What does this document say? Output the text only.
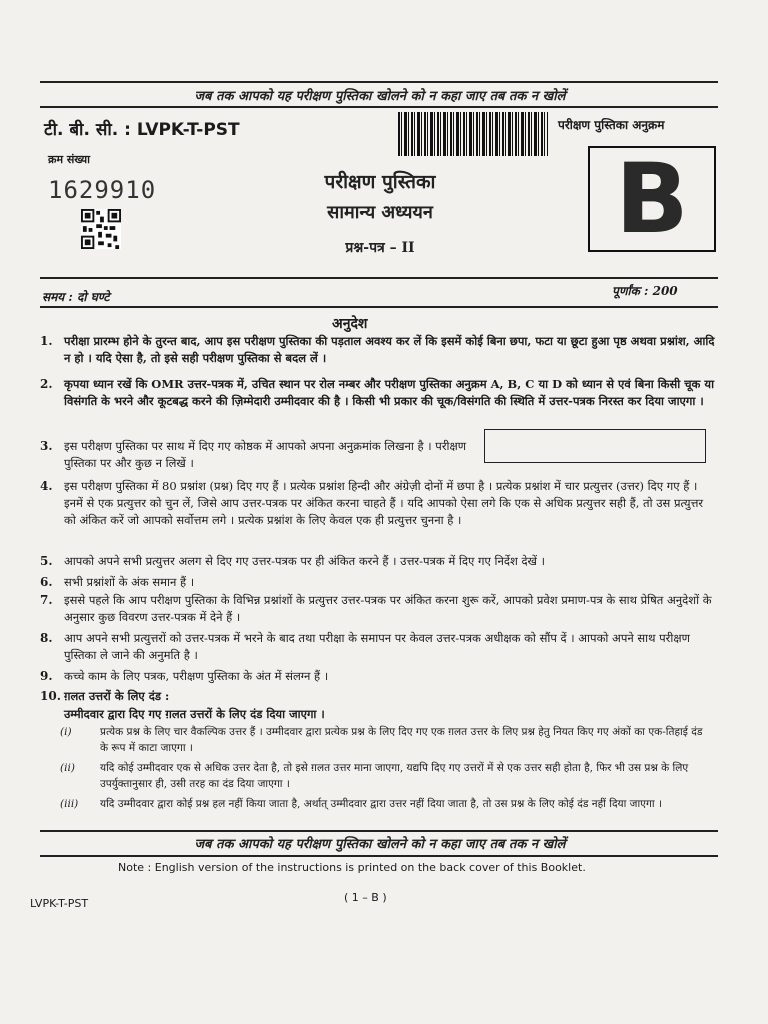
जब तक आपको यह परीक्षण पुस्तिका खोलने को न कहा जाए तब तक न खोलें
टी. बी. सी. : LVPK-T-PST
क्रम संख्या
1629910
परीक्षण पुस्तिका अनुक्रम
B
परीक्षण पुस्तिका
सामान्य अध्ययन
प्रश्न-पत्र – II
समय : दो घण्टे	पूर्णांक : 200
अनुदेश
1. परीक्षा प्रारम्भ होने के तुरन्त बाद, आप इस परीक्षण पुस्तिका की पड़ताल अवश्य कर लें कि इसमें कोई बिना छपा, फटा या छूटा हुआ पृष्ठ अथवा प्रश्नांश, आदि न हो । यदि ऐसा है, तो इसे सही परीक्षण पुस्तिका से बदल लें ।
2. कृपया ध्यान रखें कि OMR उत्तर-पत्रक में, उचित स्थान पर रोल नम्बर और परीक्षण पुस्तिका अनुक्रम A, B, C या D को ध्यान से एवं बिना किसी चूक या विसंगति के भरने और कूटबद्ध करने की ज़िम्मेदारी उम्मीदवार की है । किसी भी प्रकार की चूक/विसंगति की स्थिति में उत्तर-पत्रक निरस्त कर दिया जाएगा ।
3. इस परीक्षण पुस्तिका पर साथ में दिए गए कोष्ठक में आपको अपना अनुक्रमांक लिखना है । परीक्षण पुस्तिका पर और कुछ न लिखें ।
4. इस परीक्षण पुस्तिका में 80 प्रश्नांश (प्रश्न) दिए गए हैं । प्रत्येक प्रश्नांश हिन्दी और अंग्रेज़ी दोनों में छपा है । प्रत्येक प्रश्नांश में चार प्रत्युत्तर (उत्तर) दिए गए हैं । इनमें से एक प्रत्युत्तर को चुन लें, जिसे आप उत्तर-पत्रक पर अंकित करना चाहते हैं । यदि आपको ऐसा लगे कि एक से अधिक प्रत्युत्तर सही हैं, तो उस प्रत्युत्तर को अंकित करें जो आपको सर्वोत्तम लगे । प्रत्येक प्रश्नांश के लिए केवल एक ही प्रत्युत्तर चुनना है ।
5. आपको अपने सभी प्रत्युत्तर अलग से दिए गए उत्तर-पत्रक पर ही अंकित करने हैं । उत्तर-पत्रक में दिए गए निर्देश देखें ।
6. सभी प्रश्नांशों के अंक समान हैं ।
7. इससे पहले कि आप परीक्षण पुस्तिका के विभिन्न प्रश्नांशों के प्रत्युत्तर उत्तर-पत्रक पर अंकित करना शुरू करें, आपको प्रवेश प्रमाण-पत्र के साथ प्रेषित अनुदेशों के अनुसार कुछ विवरण उत्तर-पत्रक में देने हैं ।
8. आप अपने सभी प्रत्युत्तरों को उत्तर-पत्रक में भरने के बाद तथा परीक्षा के समापन पर केवल उत्तर-पत्रक अधीक्षक को सौंप दें । आपको अपने साथ परीक्षण पुस्तिका ले जाने की अनुमति है ।
9. कच्चे काम के लिए पत्रक, परीक्षण पुस्तिका के अंत में संलग्न हैं ।
10. ग़लत उत्तरों के लिए दंड :
उम्मीदवार द्वारा दिए गए ग़लत उत्तरों के लिए दंड दिया जाएगा ।
(i)	प्रत्येक प्रश्न के लिए चार वैकल्पिक उत्तर हैं । उम्मीदवार द्वारा प्रत्येक प्रश्न के लिए दिए गए एक ग़लत उत्तर के लिए प्रश्न हेतु नियत किए गए अंकों का एक-तिहाई दंड के रूप में काटा जाएगा ।
(ii)	यदि कोई उम्मीदवार एक से अधिक उत्तर देता है, तो इसे ग़लत उत्तर माना जाएगा, यद्यपि दिए गए उत्तरों में से एक उत्तर सही होता है, फिर भी उस प्रश्न के लिए उपर्युक्तानुसार ही, उसी तरह का दंड दिया जाएगा ।
(iii)	यदि उम्मीदवार द्वारा कोई प्रश्न हल नहीं किया जाता है, अर्थात् उम्मीदवार द्वारा उत्तर नहीं दिया जाता है, तो उस प्रश्न के लिए कोई दंड नहीं दिया जाएगा ।
जब तक आपको यह परीक्षण पुस्तिका खोलने को न कहा जाए तब तक न खोलें
Note : English version of the instructions is printed on the back cover of this Booklet.
( 1 – B )
LVPK-T-PST
